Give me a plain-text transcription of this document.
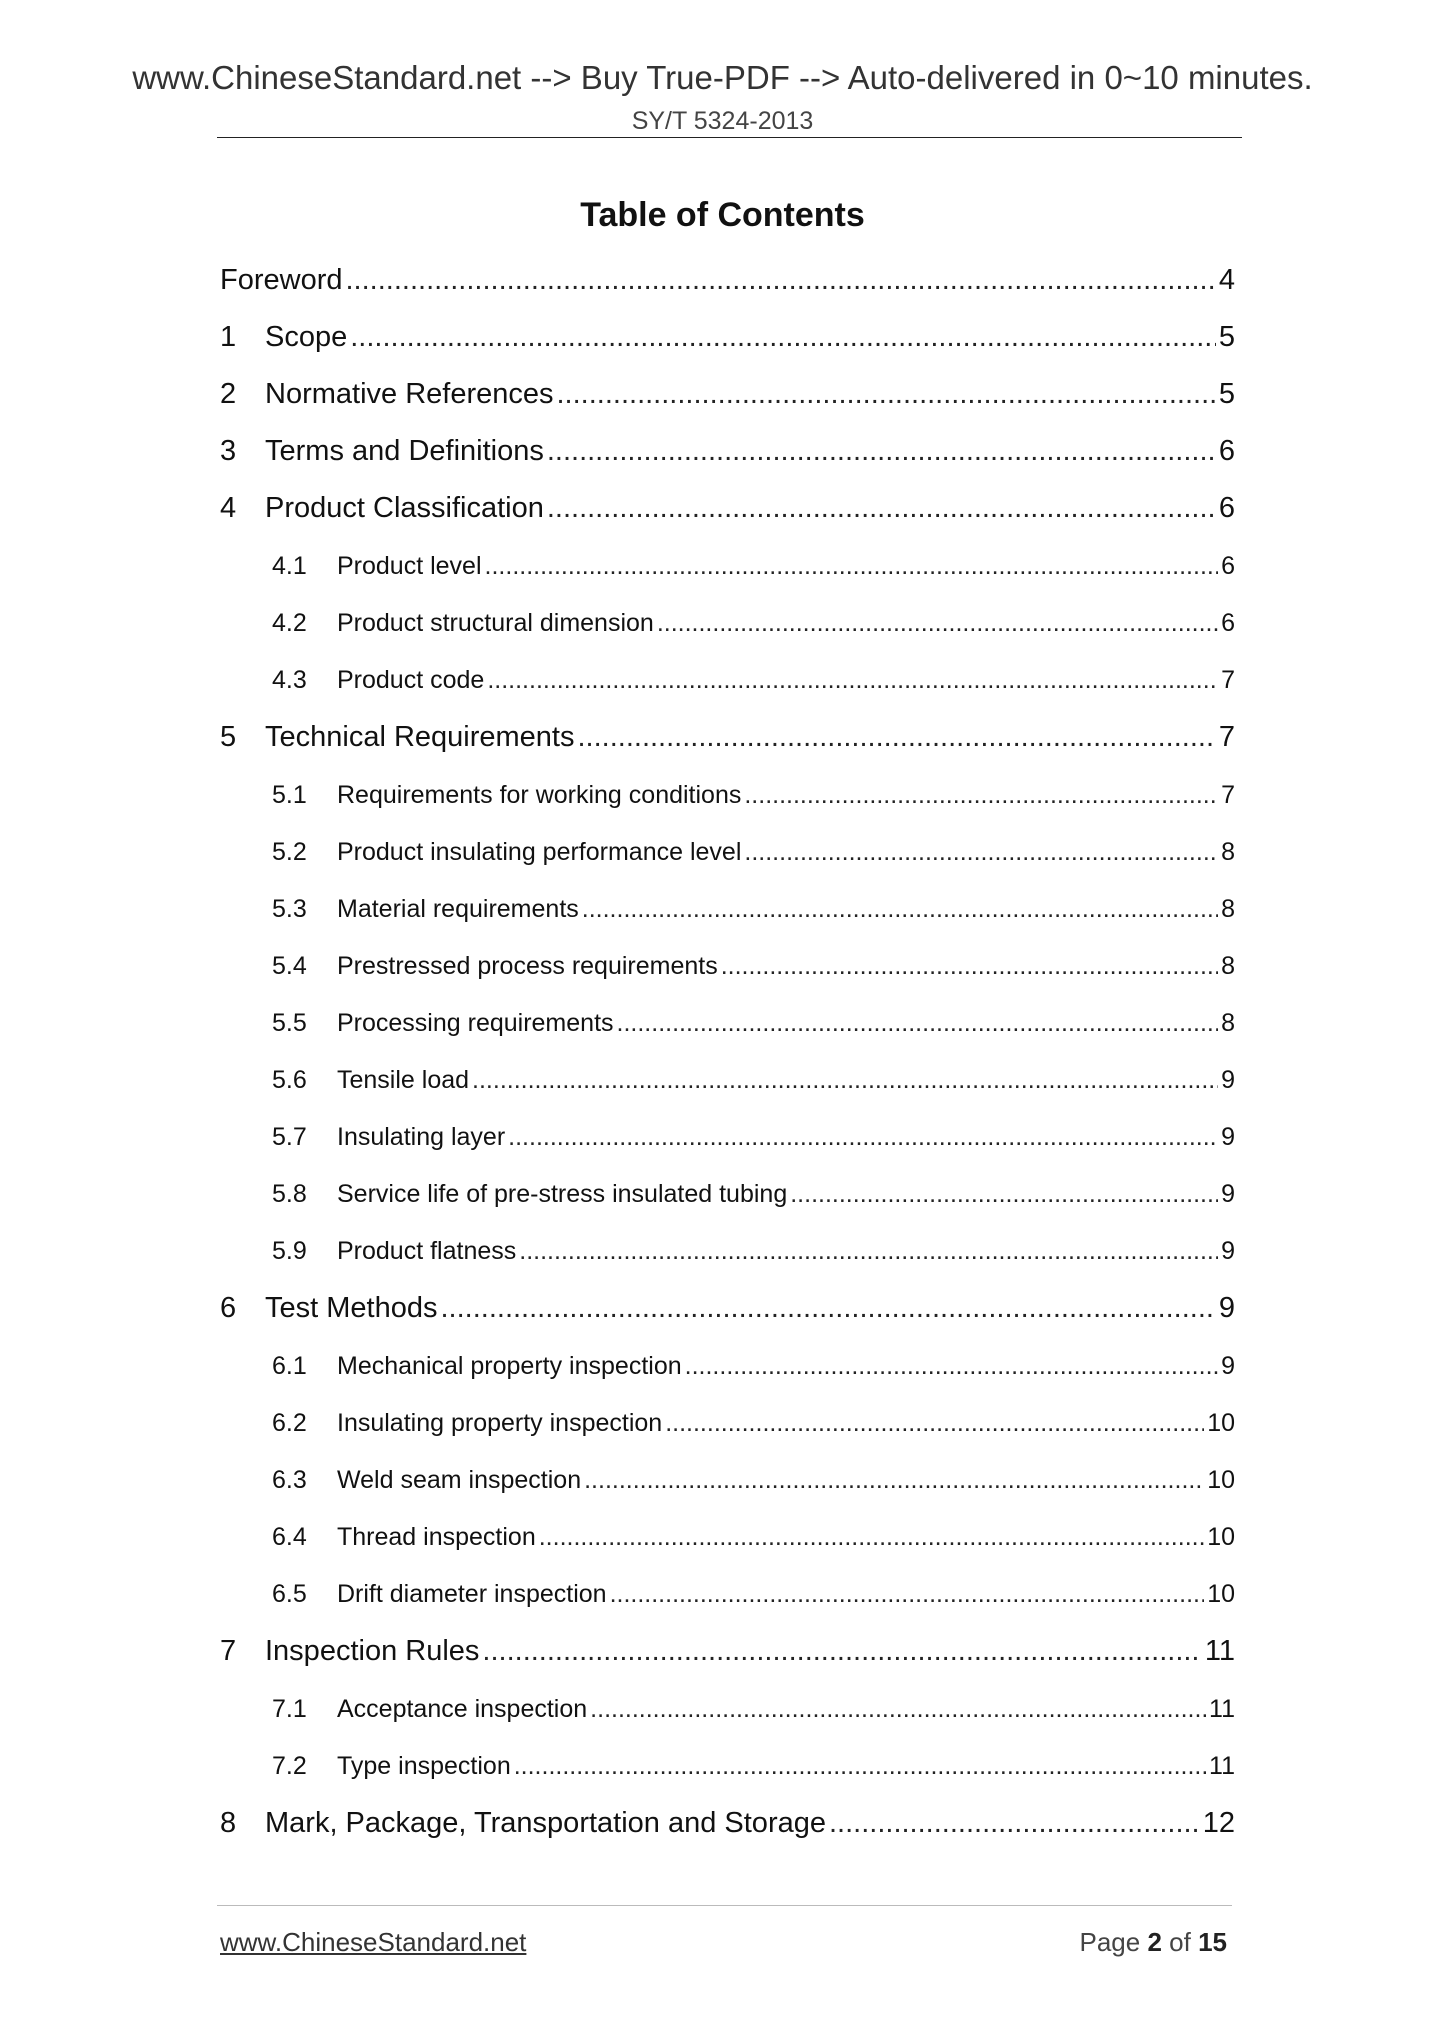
www.ChineseStandard.net --> Buy True-PDF --> Auto-delivered in 0~10 minutes.
SY/T 5324-2013
Table of Contents
Foreword .....	4
1 Scope .....	5
2 Normative References .....	5
3 Terms and Definitions .....	6
4 Product Classification .....	6
4.1	Product level .....	6
4.2	Product structural dimension .....	6
4.3	Product code .....	7
5 Technical Requirements .....	7
5.1	Requirements for working conditions .....	7
5.2	Product insulating performance level .....	8
5.3	Material requirements .....	8
5.4	Prestressed process requirements .....	8
5.5	Processing requirements .....	8
5.6	Tensile load .....	9
5.7	Insulating layer .....	9
5.8	Service life of pre-stress insulated tubing .....	9
5.9	Product flatness .....	9
6 Test Methods .....	9
6.1	Mechanical property inspection .....	9
6.2	Insulating property inspection .....	10
6.3	Weld seam inspection .....	10
6.4	Thread inspection .....	10
6.5	Drift diameter inspection .....	10
7 Inspection Rules .....	11
7.1	Acceptance inspection .....	11
7.2	Type inspection .....	11
8 Mark, Package, Transportation and Storage .....	12
www.ChineseStandard.net	Page 2 of 15
